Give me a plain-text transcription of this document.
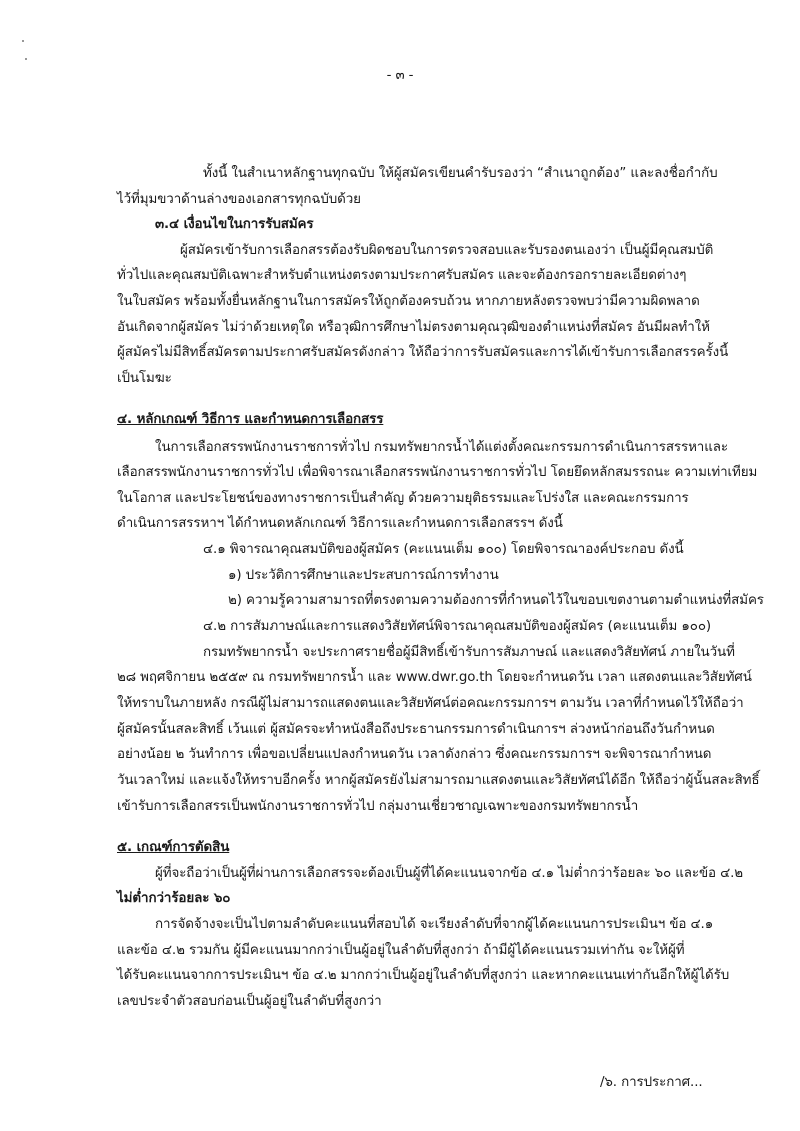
- ๓ -
ทั้งนี้ ในสำเนาหลักฐานทุกฉบับ ให้ผู้สมัครเขียนคำรับรองว่า “สำเนาถูกต้อง” และลงชื่อกำกับ
ไว้ที่มุมขวาด้านล่างของเอกสารทุกฉบับด้วย
๓.๔ เงื่อนไขในการรับสมัคร
ผู้สมัครเข้ารับการเลือกสรรต้องรับผิดชอบในการตรวจสอบและรับรองตนเองว่า เป็นผู้มีคุณสมบัติ
ทั่วไปและคุณสมบัติเฉพาะสำหรับตำแหน่งตรงตามประกาศรับสมัคร และจะต้องกรอกรายละเอียดต่างๆ
ในใบสมัคร พร้อมทั้งยื่นหลักฐานในการสมัครให้ถูกต้องครบถ้วน หากภายหลังตรวจพบว่ามีความผิดพลาด
อันเกิดจากผู้สมัคร ไม่ว่าด้วยเหตุใด หรือวุฒิการศึกษาไม่ตรงตามคุณวุฒิของตำแหน่งที่สมัคร อันมีผลทำให้
ผู้สมัครไม่มีสิทธิ์สมัครตามประกาศรับสมัครดังกล่าว ให้ถือว่าการรับสมัครและการได้เข้ารับการเลือกสรรครั้งนี้
เป็นโมฆะ
๔. หลักเกณฑ์ วิธีการ และกำหนดการเลือกสรร
ในการเลือกสรรพนักงานราชการทั่วไป กรมทรัพยากรน้ำได้แต่งตั้งคณะกรรมการดำเนินการสรรหาและ
เลือกสรรพนักงานราชการทั่วไป เพื่อพิจารณาเลือกสรรพนักงานราชการทั่วไป โดยยึดหลักสมรรถนะ ความเท่าเทียม
ในโอกาส และประโยชน์ของทางราชการเป็นสำคัญ ด้วยความยุติธรรมและโปร่งใส และคณะกรรมการ
ดำเนินการสรรหาฯ ได้กำหนดหลักเกณฑ์ วิธีการและกำหนดการเลือกสรรฯ ดังนี้
๔.๑ พิจารณาคุณสมบัติของผู้สมัคร (คะแนนเต็ม ๑๐๐) โดยพิจารณาองค์ประกอบ ดังนี้
๑) ประวัติการศึกษาและประสบการณ์การทำงาน
๒) ความรู้ความสามารถที่ตรงตามความต้องการที่กำหนดไว้ในขอบเขตงานตามตำแหน่งที่สมัคร
๔.๒ การสัมภาษณ์และการแสดงวิสัยทัศน์พิจารณาคุณสมบัติของผู้สมัคร (คะแนนเต็ม ๑๐๐)
กรมทรัพยากรน้ำ จะประกาศรายชื่อผู้มีสิทธิ์เข้ารับการสัมภาษณ์ และแสดงวิสัยทัศน์ ภายในวันที่
๒๘ พฤศจิกายน ๒๕๕๙ ณ กรมทรัพยากรน้ำ และ www.dwr.go.th โดยจะกำหนดวัน เวลา แสดงตนและวิสัยทัศน์
ให้ทราบในภายหลัง กรณีผู้ไม่สามารถแสดงตนและวิสัยทัศน์ต่อคณะกรรมการฯ ตามวัน เวลาที่กำหนดไว้ให้ถือว่า
ผู้สมัครนั้นสละสิทธิ์ เว้นแต่ ผู้สมัครจะทำหนังสือถึงประธานกรรมการดำเนินการฯ ล่วงหน้าก่อนถึงวันกำหนด
อย่างน้อย ๒ วันทำการ เพื่อขอเปลี่ยนแปลงกำหนดวัน เวลาดังกล่าว ซึ่งคณะกรรมการฯ จะพิจารณากำหนด
วันเวลาใหม่ และแจ้งให้ทราบอีกครั้ง หากผู้สมัครยังไม่สามารถมาแสดงตนและวิสัยทัศน์ได้อีก ให้ถือว่าผู้นั้นสละสิทธิ์
เข้ารับการเลือกสรรเป็นพนักงานราชการทั่วไป กลุ่มงานเชี่ยวชาญเฉพาะของกรมทรัพยากรน้ำ
๕. เกณฑ์การตัดสิน
ผู้ที่จะถือว่าเป็นผู้ที่ผ่านการเลือกสรรจะต้องเป็นผู้ที่ได้คะแนนจากข้อ ๔.๑ ไม่ต่ำกว่าร้อยละ ๖๐ และข้อ ๔.๒
ไม่ต่ำกว่าร้อยละ ๖๐
การจัดจ้างจะเป็นไปตามลำดับคะแนนที่สอบได้ จะเรียงลำดับที่จากผู้ได้คะแนนการประเมินฯ ข้อ ๔.๑
และข้อ ๔.๒ รวมกัน ผู้มีคะแนนมากกว่าเป็นผู้อยู่ในลำดับที่สูงกว่า ถ้ามีผู้ได้คะแนนรวมเท่ากัน จะให้ผู้ที่
ได้รับคะแนนจากการประเมินฯ ข้อ ๔.๒ มากกว่าเป็นผู้อยู่ในลำดับที่สูงกว่า และหากคะแนนเท่ากันอีกให้ผู้ได้รับ
เลขประจำตัวสอบก่อนเป็นผู้อยู่ในลำดับที่สูงกว่า
/๖. การประกาศ...
